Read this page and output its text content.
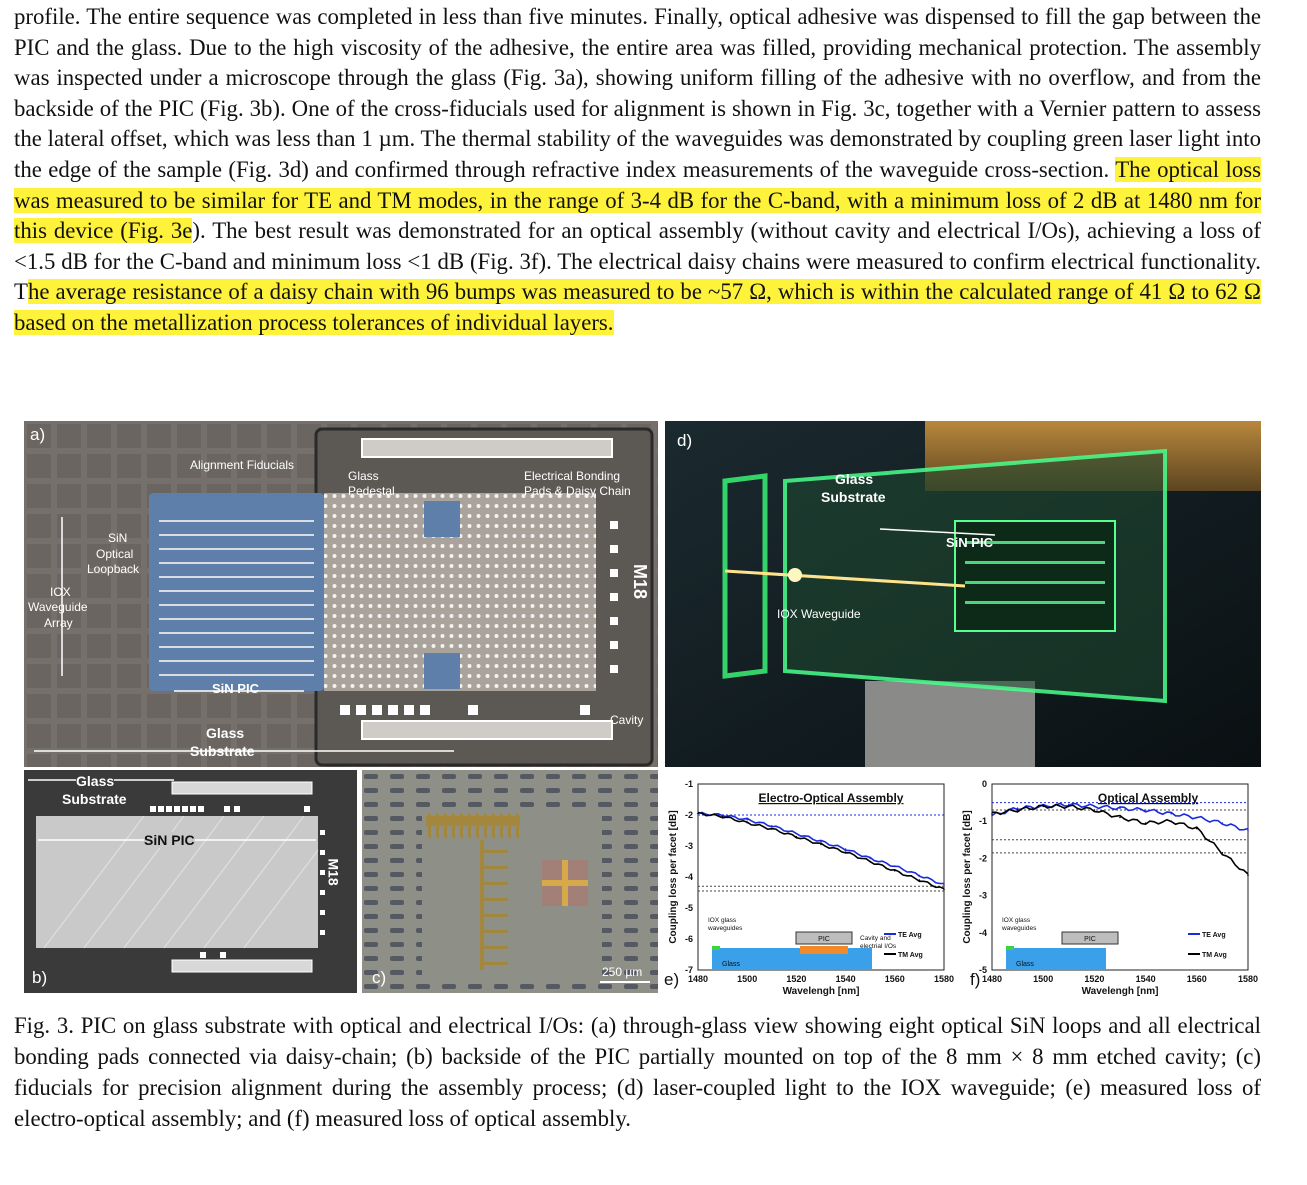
profile. The entire sequence was completed in less than five minutes. Finally, optical adhesive was dispensed to fill the gap between the PIC and the glass. Due to the high viscosity of the adhesive, the entire area was filled, providing mechanical protection. The assembly was inspected under a microscope through the glass (Fig. 3a), showing uniform filling of the adhesive with no overflow, and from the backside of the PIC (Fig. 3b). One of the cross-fiducials used for alignment is shown in Fig. 3c, together with a Vernier pattern to assess the lateral offset, which was less than 1 µm. The thermal stability of the waveguides was demonstrated by coupling green laser light into the edge of the sample (Fig. 3d) and confirmed through refractive index measurements of the waveguide cross-section. The optical loss was measured to be similar for TE and TM modes, in the range of 3-4 dB for the C-band, with a minimum loss of 2 dB at 1480 nm for this device (Fig. 3e). The best result was demonstrated for an optical assembly (without cavity and electrical I/Os), achieving a loss of <1.5 dB for the C-band and minimum loss <1 dB (Fig. 3f). The electrical daisy chains were measured to confirm electrical functionality. The average resistance of a daisy chain with 96 bumps was measured to be ~57 Ω, which is within the calculated range of 41 Ω to 62 Ω based on the metallization process tolerances of individual layers.
a)
Alignment Fiducials
Glass
Pedestal
Electrical Bonding
Pads & Daisy Chain
SiN
Optical
Loopback
IOX
Waveguide
Array
SiN PIC
Glass
Substrate
Cavity
M18
d)
Glass
Substrate
SiN PIC
IOX Waveguide
Glass
Substrate
SiN PIC
M18
b)	250 µm
c)	1480	1500	1520	1540	1560	1580
-1
-2
-3
-4
-5
-6
-7
Electro-Optical Assembly
Wavelengh [nm]
Coupling loss per facet [dB]	TE Avg
TM Avg
PIC
Glass
IOX glass
waveguides
Cavity and
electrial I/Os
e)	1480	1500	1520	1540	1560	1580
0
-1
-2
-3
-4
-5
Optical Assembly
Wavelengh [nm]
Coupling loss per facet [dB]	TE Avg
TM Avg
PIC
Glass
IOX glass
waveguides
f)
Fig. 3. PIC on glass substrate with optical and electrical I/Os: (a) through-glass view showing eight optical SiN loops and all electrical bonding pads connected via daisy-chain; (b) backside of the PIC partially mounted on top of the 8 mm × 8 mm etched cavity; (c) fiducials for precision alignment during the assembly process; (d) laser-coupled light to the IOX waveguide; (e) measured loss of electro-optical assembly; and (f) measured loss of optical assembly.
